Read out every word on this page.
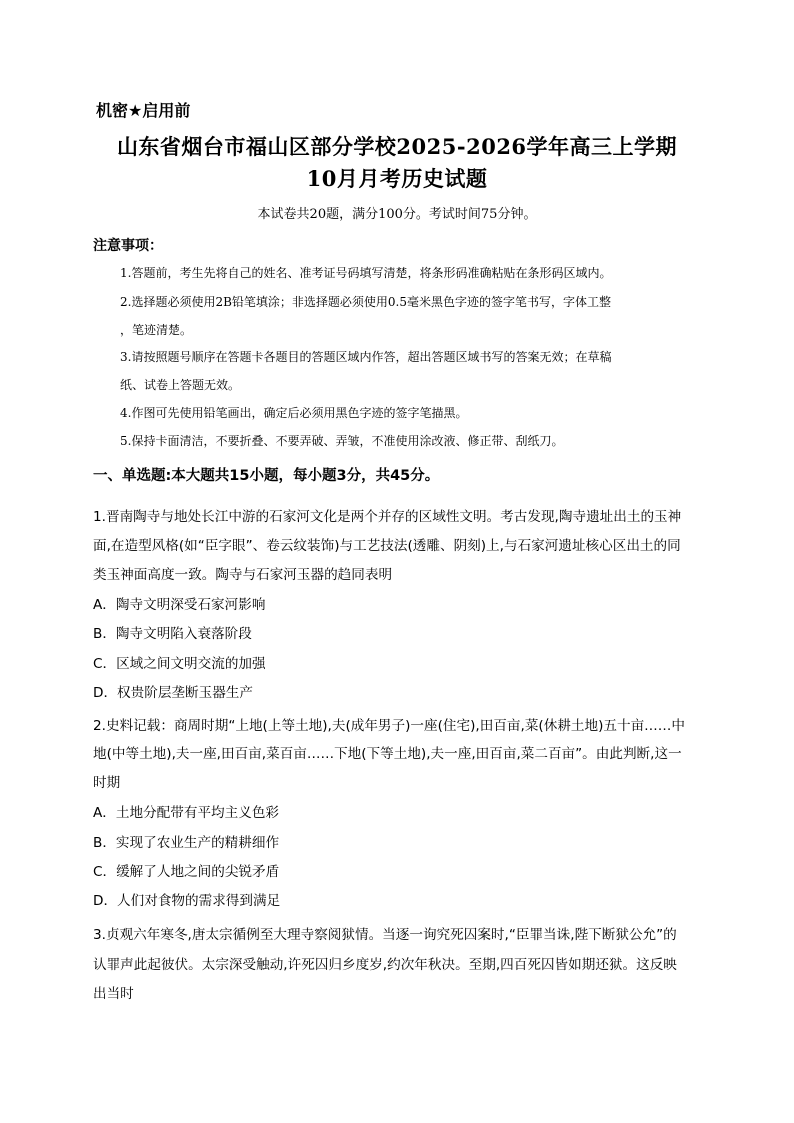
机密★启用前
山东省烟台市福山区部分学校2025-2026学年高三上学期
10月月考历史试题
本试卷共20题，满分100分。考试时间75分钟。
注意事项：
1.答题前，考生先将自己的姓名、准考证号码填写清楚，将条形码准确粘贴在条形码区域内。
2.选择题必须使用2B铅笔填涂；非选择题必须使用0.5毫米黑色字迹的签字笔书写，字体工整
，笔迹清楚。
3.请按照题号顺序在答题卡各题目的答题区域内作答，超出答题区域书写的答案无效；在草稿
纸、试卷上答题无效。
4.作图可先使用铅笔画出，确定后必须用黑色字迹的签字笔描黑。
5.保持卡面清洁，不要折叠、不要弄破、弄皱，不准使用涂改液、修正带、刮纸刀。
一、单选题:本大题共15小题，每小题3分，共45分。
1.晋南陶寺与地处长江中游的石家河文化是两个并存的区域性文明。考古发现,陶寺遗址出土的玉神
面,在造型风格(如“臣字眼”、卷云纹装饰)与工艺技法(透雕、阴刻)上,与石家河遗址核心区出土的同
类玉神面高度一致。陶寺与石家河玉器的趋同表明
A．陶寺文明深受石家河影响
B．陶寺文明陷入衰落阶段
C．区域之间文明交流的加强
D．权贵阶层垄断玉器生产
2.史料记载：商周时期“上地(上等土地),夫(成年男子)一座(住宅),田百亩,菜(休耕土地)五十亩……中
地(中等土地),夫一座,田百亩,菜百亩……下地(下等土地),夫一座,田百亩,菜二百亩”。由此判断,这一
时期
A．土地分配带有平均主义色彩
B．实现了农业生产的精耕细作
C．缓解了人地之间的尖锐矛盾
D．人们对食物的需求得到满足
3.贞观六年寒冬,唐太宗循例至大理寺察阅狱情。当逐一询究死囚案时,“臣罪当诛,陛下断狱公允”的
认罪声此起彼伏。太宗深受触动,许死囚归乡度岁,约次年秋决。至期,四百死囚皆如期还狱。这反映
出当时
